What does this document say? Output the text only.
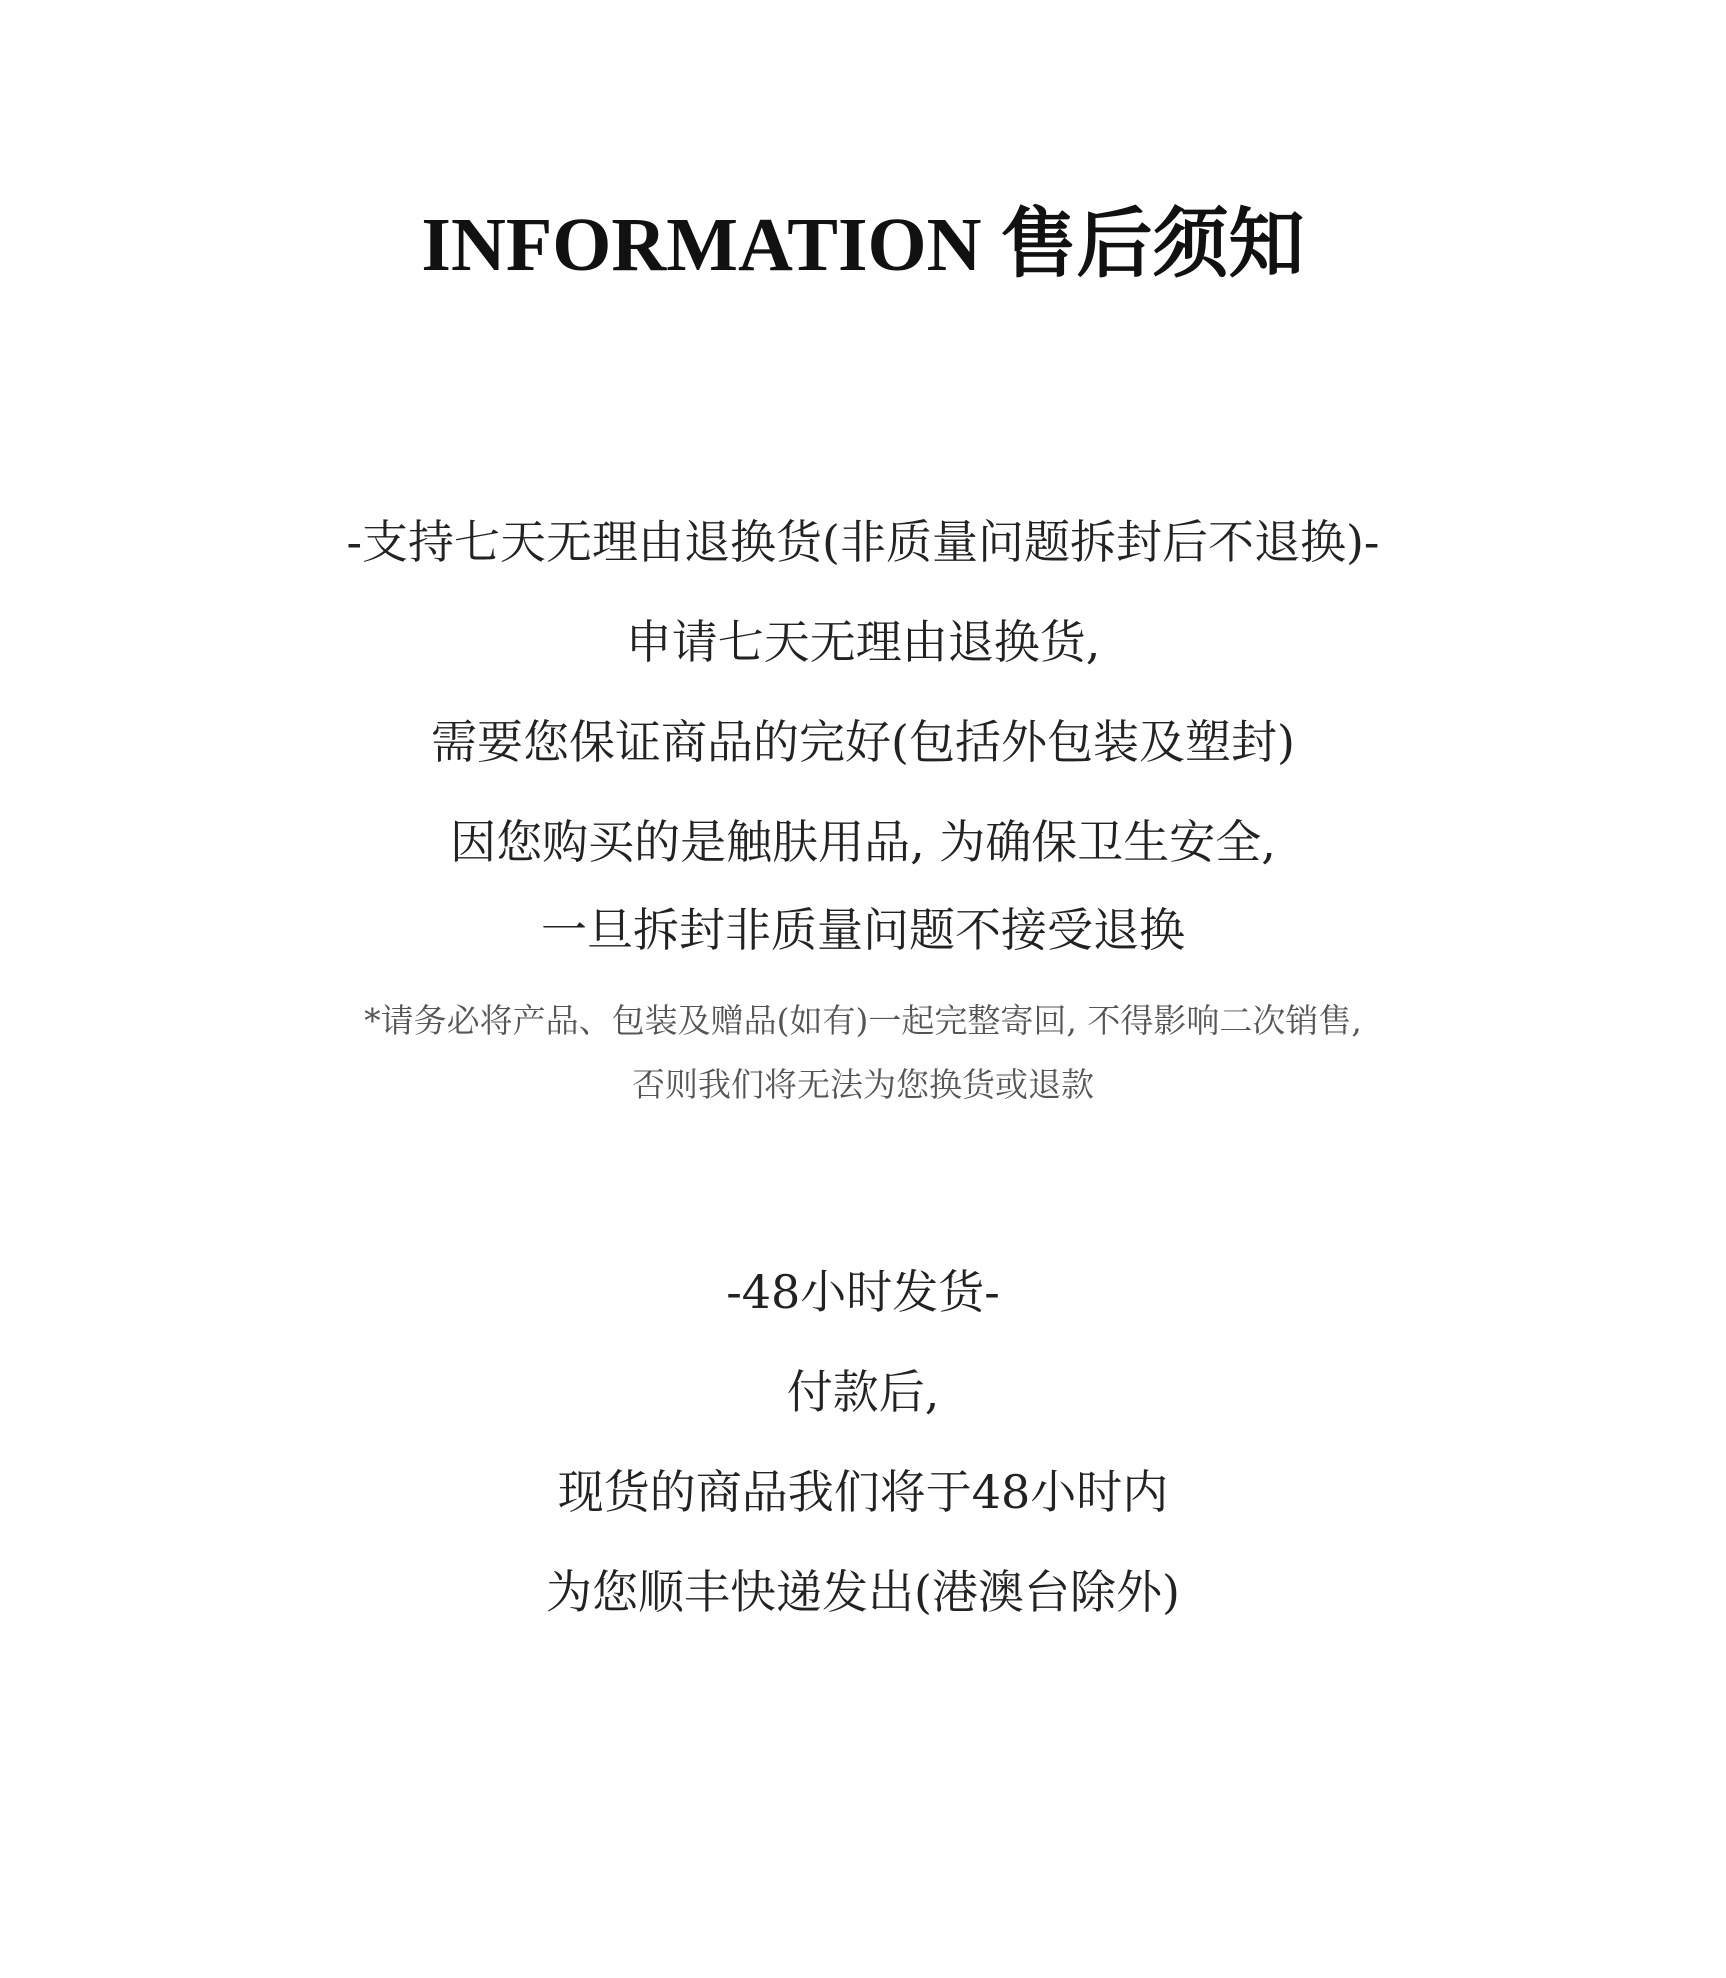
INFORMATION 售后须知
-支持七天无理由退换货(非质量问题拆封后不退换)-
申请七天无理由退换货,
需要您保证商品的完好(包括外包装及塑封)
因您购买的是触肤用品, 为确保卫生安全,
一旦拆封非质量问题不接受退换
*请务必将产品、包装及赠品(如有)一起完整寄回, 不得影响二次销售,
否则我们将无法为您换货或退款
-48小时发货-
付款后,
现货的商品我们将于48小时内
为您顺丰快递发出(港澳台除外)
